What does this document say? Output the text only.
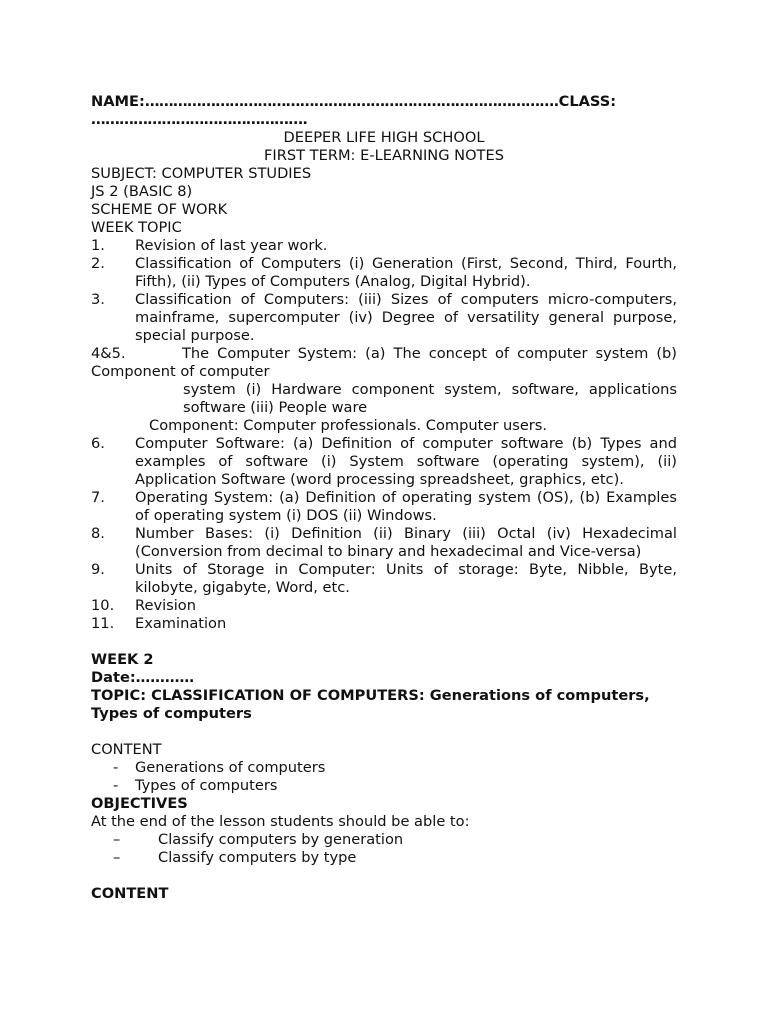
NAME:…………………………………………………………………………….CLASS:
……………………………………….
DEEPER LIFE HIGH SCHOOL
FIRST TERM: E-LEARNING NOTES
SUBJECT: COMPUTER STUDIES
JS 2 (BASIC 8)
SCHEME OF WORK
WEEK TOPIC
1.	Revision of last year work.
2.	Classification of Computers (i) Generation (First, Second, Third, Fourth, Fifth), (ii) Types of Computers (Analog, Digital Hybrid).
3.	Classification of Computers: (iii) Sizes of computers micro-computers, mainframe, supercomputer (iv) Degree of versatility general purpose, special purpose.
4&5.       The Computer System: (a) The concept of computer system (b) Component of computer
system (i) Hardware component system, software, applications software (iii) People ware
Component: Computer professionals. Computer users.
6.	Computer Software: (a) Definition of computer software (b) Types and examples of software (i) System software (operating system), (ii) Application Software (word processing spreadsheet, graphics, etc).
7.	Operating System: (a) Definition of operating system (OS), (b) Examples of operating system (i) DOS (ii) Windows.
8.	Number Bases: (i) Definition (ii) Binary (iii) Octal (iv) Hexadecimal (Conversion from decimal to binary and hexadecimal and Vice-versa)
9.	Units of Storage in Computer: Units of storage: Byte, Nibble, Byte, kilobyte, gigabyte, Word, etc.
10.	Revision
11.	Examination
WEEK 2
Date:…………
TOPIC: CLASSIFICATION OF COMPUTERS: Generations of computers, Types of computers
CONTENT
-	Generations of computers
-	Types of computers
OBJECTIVES
At the end of the lesson students should be able to:
–	Classify computers by generation
–	Classify computers by type
CONTENT
